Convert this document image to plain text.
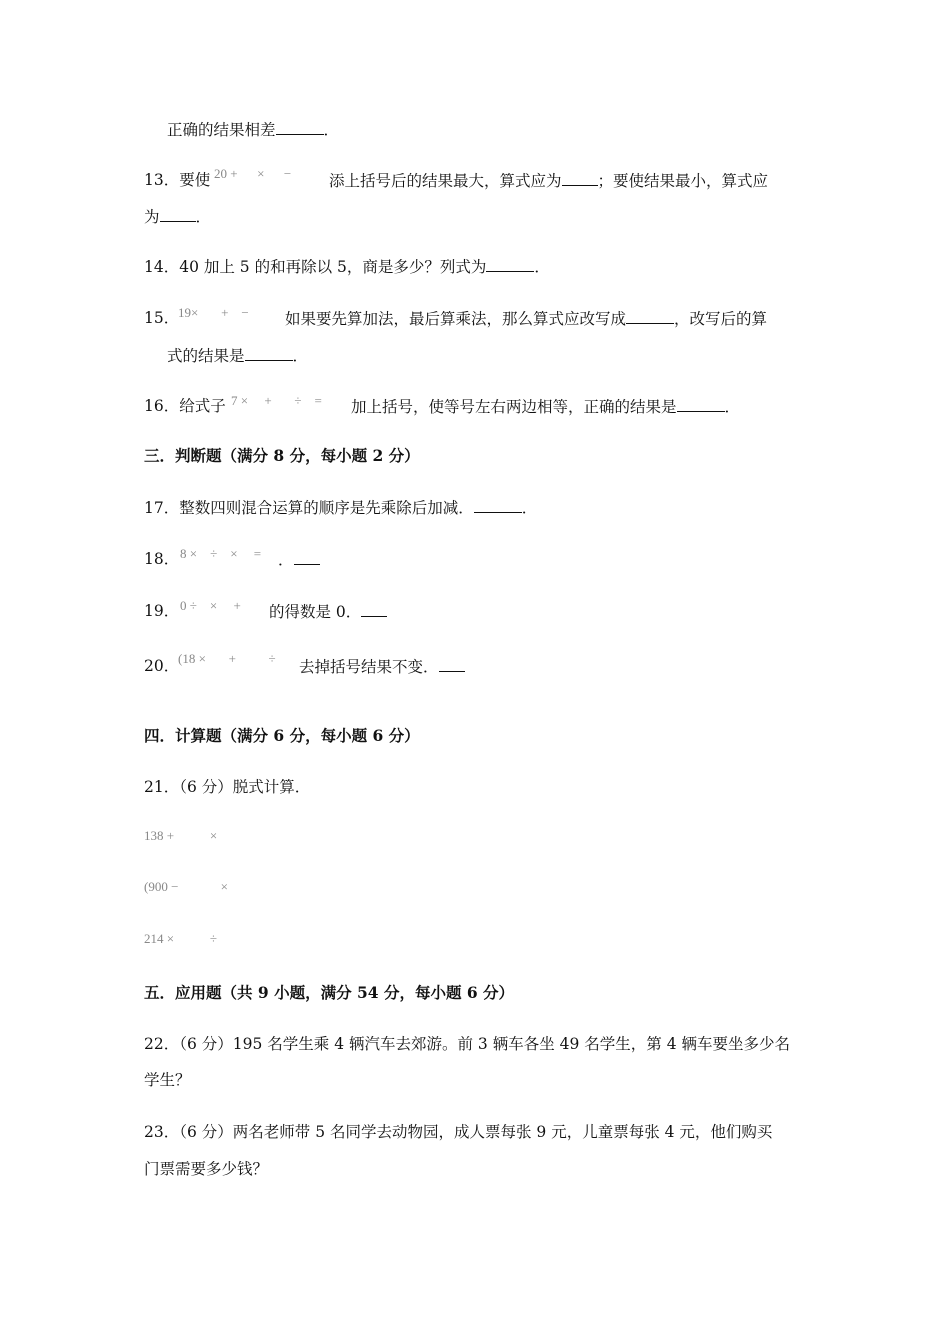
正确的结果相差	．
13．要使 20 +      ×      − 添上括号后的结果最大，算式应为 ；要使结果最小，算式应
为 ．
14．40 加上 5 的和再除以 5，商是多少？列式为	．
15．
19×       +    − 如果要先算加法，最后算乘法，那么算式应改写成	，改写后的算
式的结果是	．
16．给式子 7 ×     +       ÷    = 加上括号，使等号左右两边相等，正确的结果是	．
三．判断题（满分 8 分，每小题 2 分）
17．整数四则混合运算的顺序是先乘除后加减．	．
18． 8 ×    ÷    ×     = ．
19． 0 ÷    ×     + 的得数是 0．
20．
(18 ×       +          ÷ 去掉括号结果不变．
四．计算题（满分 6 分，每小题 6 分）
21．（6 分）脱式计算．
138 +           ×
(900 −             ×
214 ×           ÷
五．应用题（共 9 小题，满分 54 分，每小题 6 分）
22．（6 分）195 名学生乘 4 辆汽车去郊游。前 3 辆车各坐 49 名学生，第 4 辆车要坐多少名
学生？
23．（6 分）两名老师带 5 名同学去动物园，成人票每张 9 元，儿童票每张 4 元，他们购买
门票需要多少钱？
